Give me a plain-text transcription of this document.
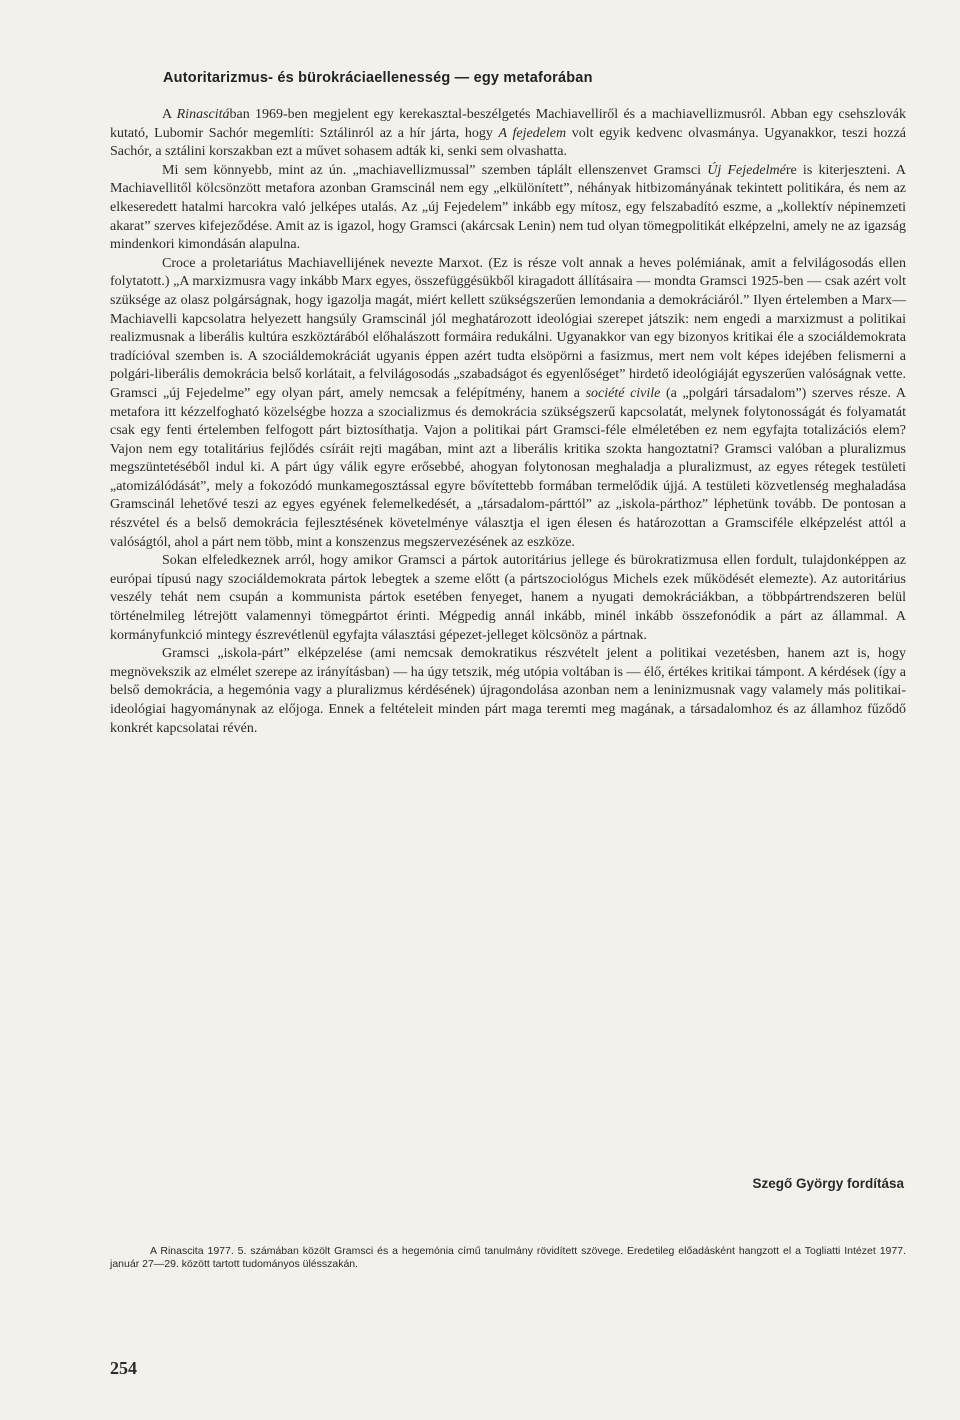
Autoritarizmus- és bürokráciaellenesség — egy metaforában

A Rinascitában 1969-ben megjelent egy kerekasztal-beszélgetés Machiavelliről és a machiavellizmusról. Abban egy csehszlovák kutató, Lubomir Sachór megemlíti: Sztálinról az a hír járta, hogy A fejedelem volt egyik kedvenc olvasmánya. Ugyanakkor, teszi hozzá Sachór, a sztálini korszakban ezt a művet sohasem adták ki, senki sem olvashatta.

Mi sem könnyebb, mint az ún. „machiavellizmussal” szemben táplált ellenszenvet Gramsci Új Fejedelmére is kiterjeszteni. A Machiavellitől kölcsönzött metafora azonban Gramscinál nem egy „elkülönített”, néhányak hitbizományának tekintett politikára, és nem az elkeseredett hatalmi harcokra való jelképes utalás. Az „új Fejedelem” inkább egy mítosz, egy felszabadító eszme, a „kollektív népinemzeti akarat” szerves kifejeződése. Amit az is igazol, hogy Gramsci (akárcsak Lenin) nem tud olyan tömegpolitikát elképzelni, amely ne az igazság mindenkori kimondásán alapulna.

Croce a proletariátus Machiavellijének nevezte Marxot. (Ez is része volt annak a heves polémiának, amit a felvilágosodás ellen folytatott.) „A marxizmusra vagy inkább Marx egyes, összefüggésükből kiragadott állításaira — mondta Gramsci 1925-ben — csak azért volt szüksége az olasz polgárságnak, hogy igazolja magát, miért kellett szükségszerűen lemondania a demokráciáról.” Ilyen értelemben a Marx—Machiavelli kapcsolatra helyezett hangsúly Gramscinál jól meghatározott ideológiai szerepet játszik: nem engedi a marxizmust a politikai realizmusnak a liberális kultúra eszköztárából előhalászott formáira redukálni. Ugyanakkor van egy bizonyos kritikai éle a szociáldemokrata tradícióval szemben is. A szociáldemokráciát ugyanis éppen azért tudta elsöpörni a fasizmus, mert nem volt képes idejében felismerni a polgári-liberális demokrácia belső korlátait, a felvilágosodás „szabadságot és egyenlőséget” hirdető ideológiáját egyszerűen valóságnak vette. Gramsci „új Fejedelme” egy olyan párt, amely nemcsak a felépítmény, hanem a société civile (a „polgári társadalom”) szerves része. A metafora itt kézzelfogható közelségbe hozza a szocializmus és demokrácia szükségszerű kapcsolatát, melynek folytonosságát és folyamatát csak egy fenti értelemben felfogott párt biztosíthatja. Vajon a politikai párt Gramsci-féle elméletében ez nem egyfajta totalizációs elem? Vajon nem egy totalitárius fejlődés csíráit rejti magában, mint azt a liberális kritika szokta hangoztatni? Gramsci valóban a pluralizmus megszüntetéséből indul ki. A párt úgy válik egyre erősebbé, ahogyan folytonosan meghaladja a pluralizmust, az egyes rétegek testületi „atomizálódását”, mely a fokozódó munkamegosztással egyre bővítettebb formában termelődik újjá. A testületi közvetlenség meghaladása Gramscinál lehetővé teszi az egyes egyének felemelkedését, a „társadalom-párttól” az „iskola-párthoz” léphetünk tovább. De pontosan a részvétel és a belső demokrácia fejlesztésének követelménye választja el igen élesen és határozottan a Gramsciféle elképzelést attól a valóságtól, ahol a párt nem több, mint a konszenzus megszervezésének az eszköze.

Sokan elfeledkeznek arról, hogy amikor Gramsci a pártok autoritárius jellege és bürokratizmusa ellen fordult, tulajdonképpen az európai típusú nagy szociáldemokrata pártok lebegtek a szeme előtt (a pártszociológus Michels ezek működését elemezte). Az autoritárius veszély tehát nem csupán a kommunista pártok esetében fenyeget, hanem a nyugati demokráciákban, a többpártrendszeren belül történelmileg létrejött valamennyi tömegpártot érinti. Mégpedig annál inkább, minél inkább összefonódik a párt az állammal. A kormányfunkció mintegy észrevétlenül egyfajta választási gépezet-jelleget kölcsönöz a pártnak.

Gramsci „iskola-párt” elképzelése (ami nemcsak demokratikus részvételt jelent a politikai vezetésben, hanem azt is, hogy megnövekszik az elmélet szerepe az irányításban) — ha úgy tetszik, még utópia voltában is — élő, értékes kritikai támpont. A kérdések (így a belső demokrácia, a hegemónia vagy a pluralizmus kérdésének) újragondolása azonban nem a leninizmusnak vagy valamely más politikai-ideológiai hagyománynak az előjoga. Ennek a feltételeit minden párt maga teremti meg magának, a társadalomhoz és az államhoz fűződő konkrét kapcsolatai révén.

Szegő György fordítása

A Rinascita 1977. 5. számában közölt Gramsci és a hegemónia című tanulmány rövidített szövege. Eredetileg előadásként hangzott el a Togliatti Intézet 1977. január 27—29. között tartott tudományos ülésszakán.

254
